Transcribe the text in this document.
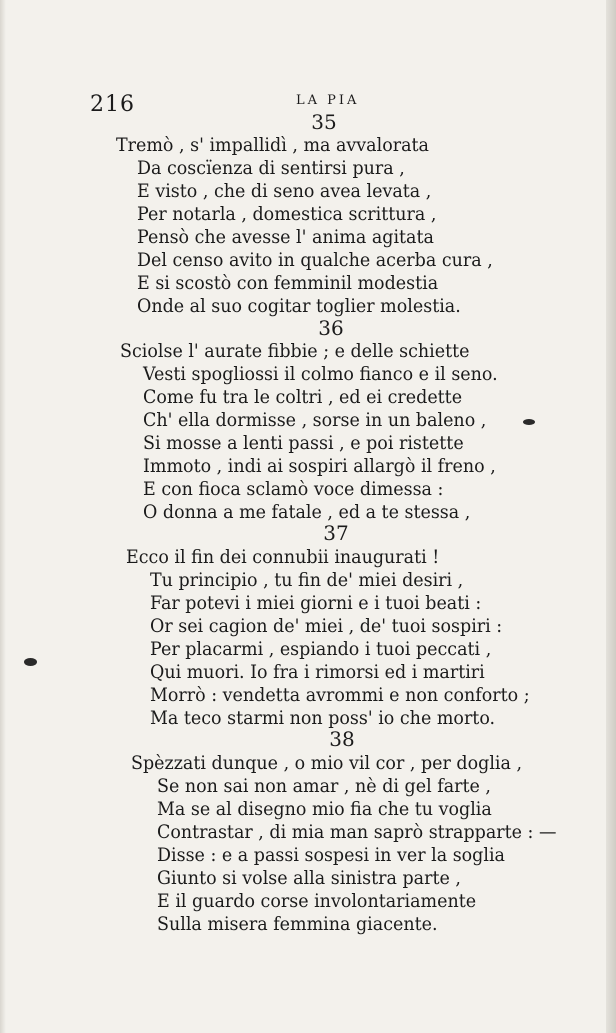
216	LA PIA
35
Tremò , s' impallidì , ma avvalorata
Da coscïenza di sentirsi pura ,
E visto , che di seno avea levata ,
Per notarla , domestica scrittura ,
Pensò che avesse l' anima agitata
Del censo avito in qualche acerba cura ,
E si scostò con femminil modestia
Onde al suo cogitar toglier molestia.
36
Sciolse l' aurate fibbie ; e delle schiette
Vesti spogliossi il colmo fianco e il seno.
Come fu tra le coltri , ed ei credette
Ch' ella dormisse , sorse in un baleno ,
Si mosse a lenti passi , e poi ristette
Immoto , indi ai sospiri allargò il freno ,
E con fioca sclamò voce dimessa :
O donna a me fatale , ed a te stessa ,
37
Ecco il fin dei connubii inaugurati !
Tu principio , tu fin de' miei desiri ,
Far potevi i miei giorni e i tuoi beati :
Or sei cagion de' miei , de' tuoi sospiri :
Per placarmi , espiando i tuoi peccati ,
Qui muori. Io fra i rimorsi ed i martiri
Morrò : vendetta avrommi e non conforto ;
Ma teco starmi non poss' io che morto.
38
Spèzzati dunque , o mio vil cor , per doglia ,
Se non sai non amar , nè di gel farte ,
Ma se al disegno mio fia che tu voglia
Contrastar , di mia man saprò strapparte : —
Disse : e a passi sospesi in ver la soglia
Giunto si volse alla sinistra parte ,
E il guardo corse involontariamente
Sulla misera femmina giacente.
